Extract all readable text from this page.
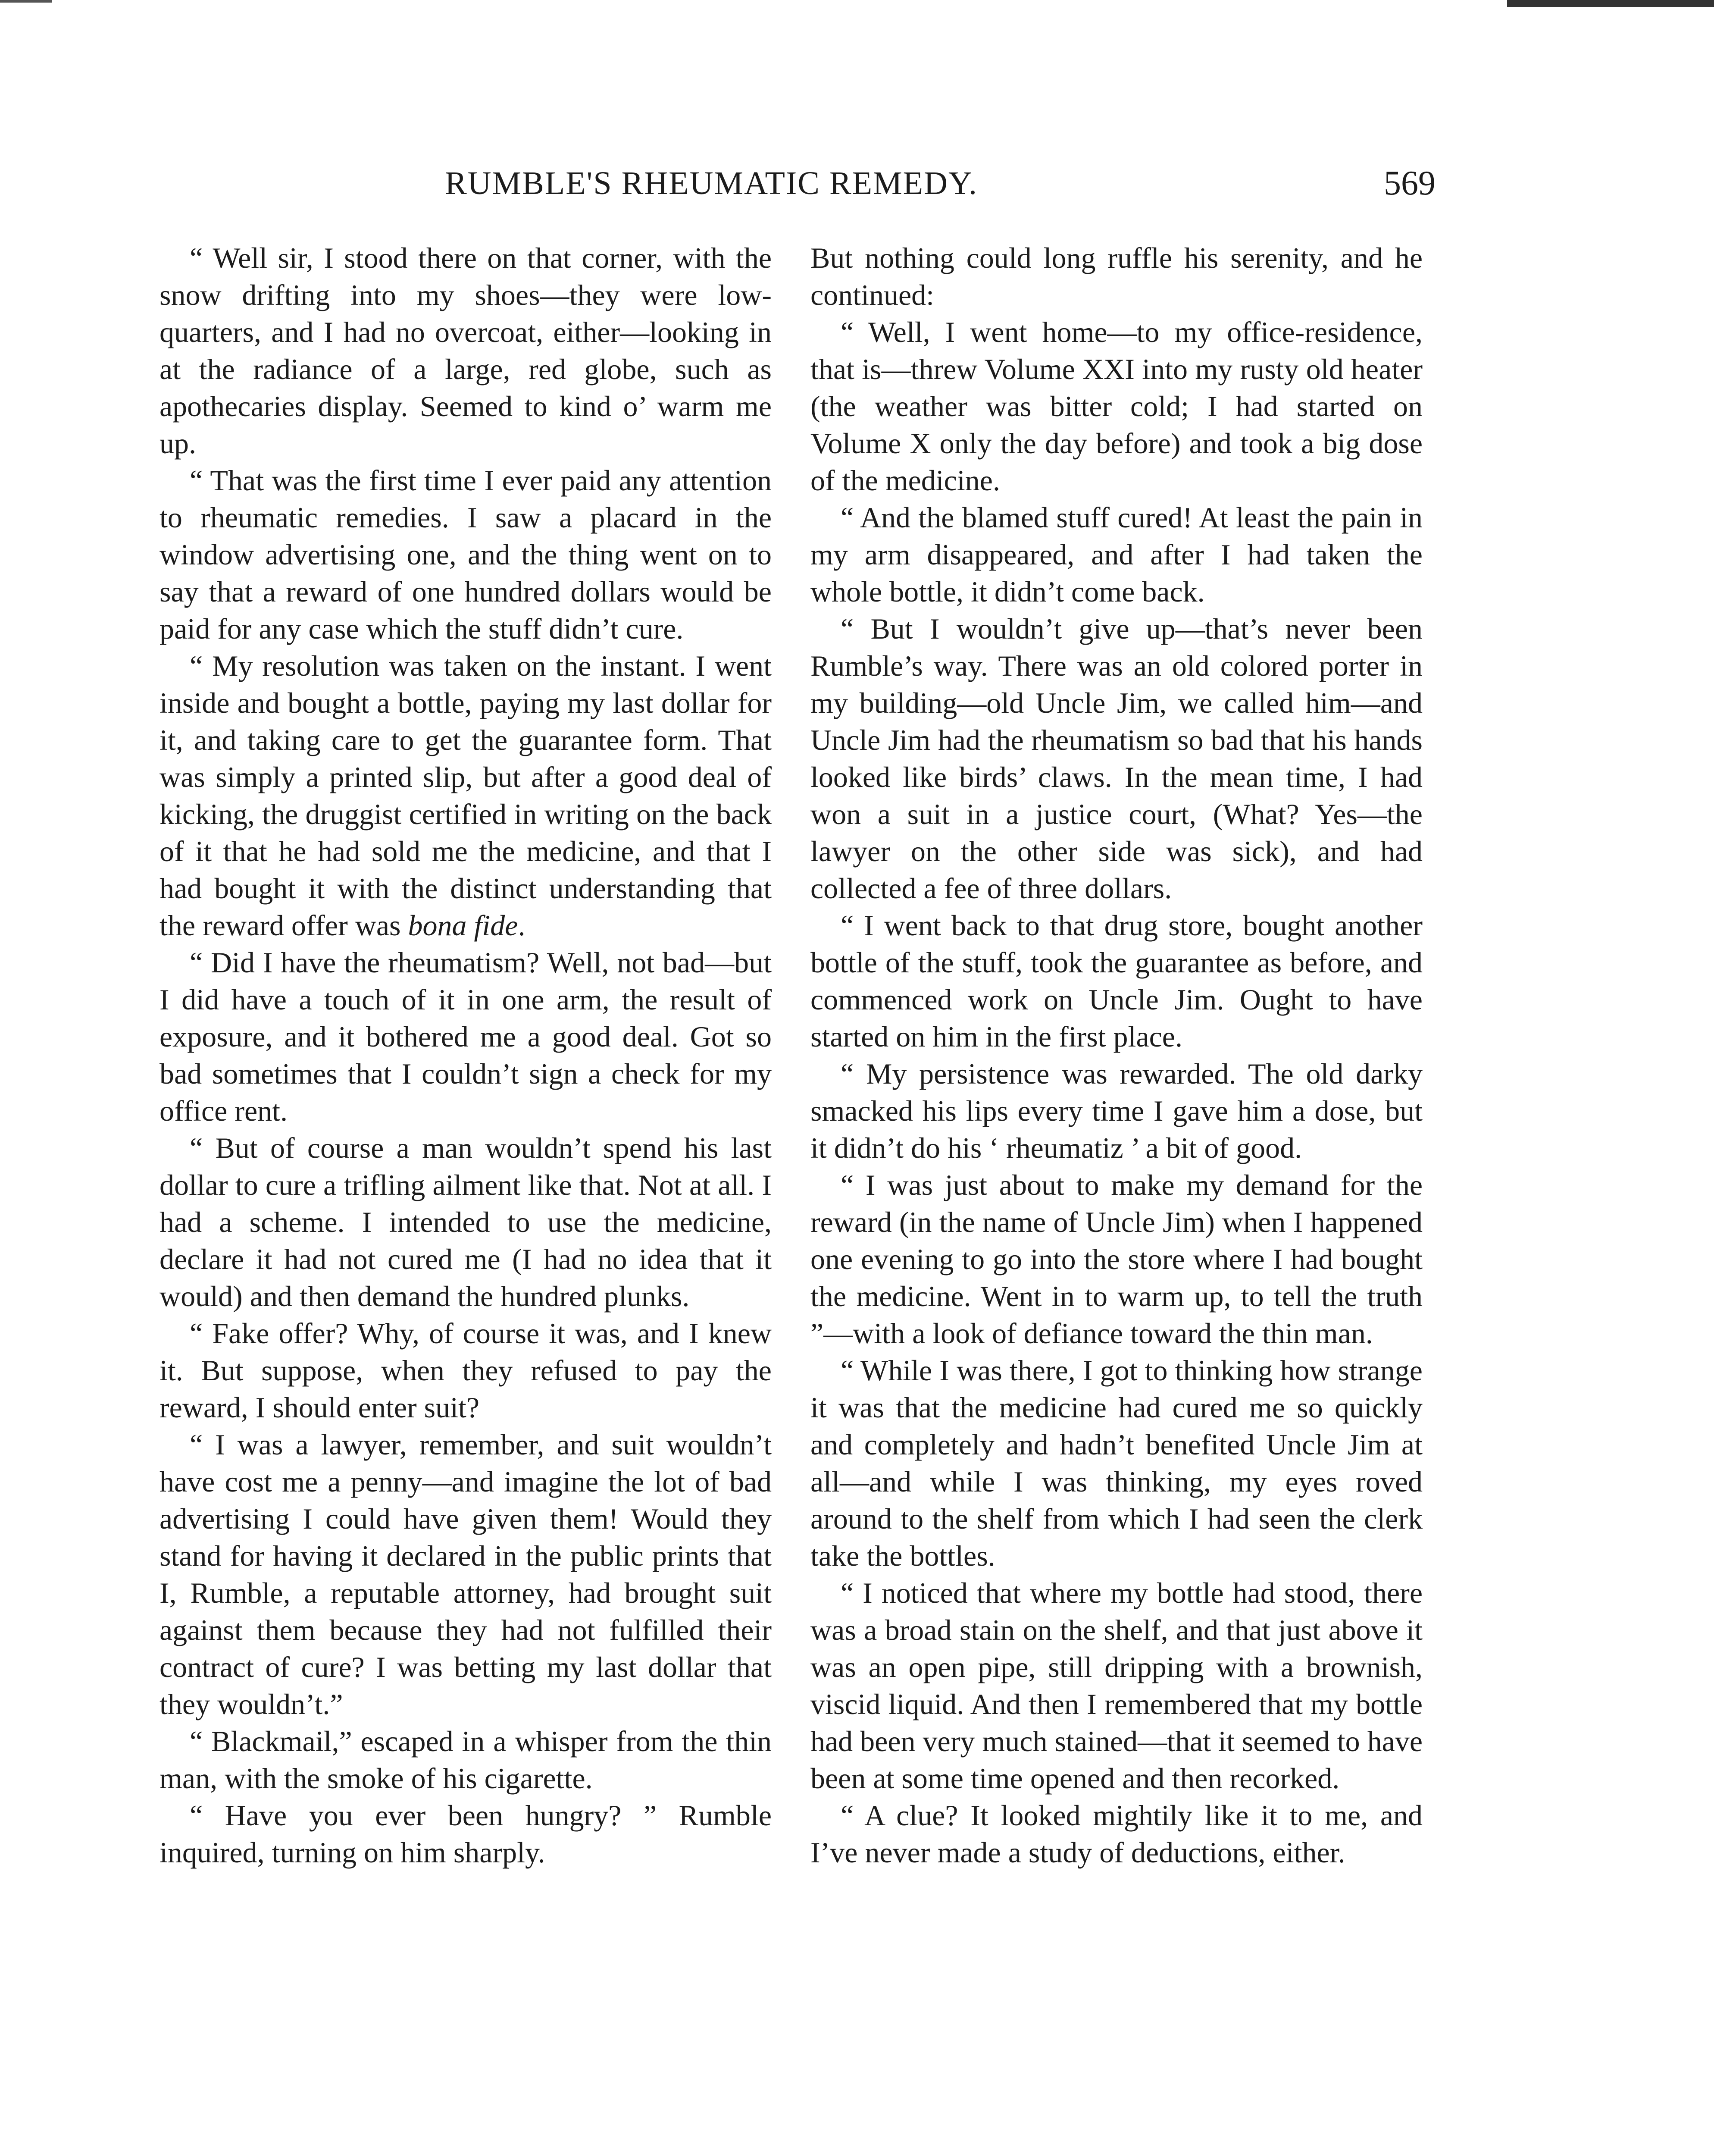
RUMBLE'S RHEUMATIC REMEDY.	569

“ Well sir, I stood there on that corner, with the snow drifting into my shoes—they were low-quarters, and I had no overcoat, either—looking in at the radiance of a large, red globe, such as apothecaries display. Seemed to kind o’ warm me up.

“ That was the first time I ever paid any attention to rheumatic remedies. I saw a placard in the window advertising one, and the thing went on to say that a reward of one hundred dollars would be paid for any case which the stuff didn’t cure.

“ My resolution was taken on the instant. I went inside and bought a bottle, paying my last dollar for it, and taking care to get the guarantee form. That was simply a printed slip, but after a good deal of kicking, the druggist certified in writing on the back of it that he had sold me the medicine, and that I had bought it with the distinct understanding that the reward offer was bona fide.

“ Did I have the rheumatism? Well, not bad—but I did have a touch of it in one arm, the result of exposure, and it bothered me a good deal. Got so bad sometimes that I couldn’t sign a check for my office rent.

“ But of course a man wouldn’t spend his last dollar to cure a trifling ailment like that. Not at all. I had a scheme. I intended to use the medicine, declare it had not cured me (I had no idea that it would) and then demand the hundred plunks.

“ Fake offer? Why, of course it was, and I knew it. But suppose, when they refused to pay the reward, I should enter suit?

“ I was a lawyer, remember, and suit wouldn’t have cost me a penny—and imagine the lot of bad advertising I could have given them! Would they stand for having it declared in the public prints that I, Rumble, a reputable attorney, had brought suit against them because they had not fulfilled their contract of cure? I was betting my last dollar that they wouldn’t.”

“ Blackmail,” escaped in a whisper from the thin man, with the smoke of his cigarette.

“ Have you ever been hungry? ” Rumble inquired, turning on him sharply.

But nothing could long ruffle his serenity, and he continued:

“ Well, I went home—to my office-residence, that is—threw Volume XXI into my rusty old heater (the weather was bitter cold; I had started on Volume X only the day before) and took a big dose of the medicine.

“ And the blamed stuff cured! At least the pain in my arm disappeared, and after I had taken the whole bottle, it didn’t come back.

“ But I wouldn’t give up—that’s never been Rumble’s way. There was an old colored porter in my building—old Uncle Jim, we called him—and Uncle Jim had the rheumatism so bad that his hands looked like birds’ claws. In the mean time, I had won a suit in a justice court, (What? Yes—the lawyer on the other side was sick), and had collected a fee of three dollars.

“ I went back to that drug store, bought another bottle of the stuff, took the guarantee as before, and commenced work on Uncle Jim. Ought to have started on him in the first place.

“ My persistence was rewarded. The old darky smacked his lips every time I gave him a dose, but it didn’t do his ‘ rheumatiz ’ a bit of good.

“ I was just about to make my demand for the reward (in the name of Uncle Jim) when I happened one evening to go into the store where I had bought the medicine. Went in to warm up, to tell the truth ”—with a look of defiance toward the thin man.

“ While I was there, I got to thinking how strange it was that the medicine had cured me so quickly and completely and hadn’t benefited Uncle Jim at all—and while I was thinking, my eyes roved around to the shelf from which I had seen the clerk take the bottles.

“ I noticed that where my bottle had stood, there was a broad stain on the shelf, and that just above it was an open pipe, still dripping with a brownish, viscid liquid. And then I remembered that my bottle had been very much stained—that it seemed to have been at some time opened and then recorked.

“ A clue? It looked mightily like it to me, and I’ve never made a study of deductions, either.
